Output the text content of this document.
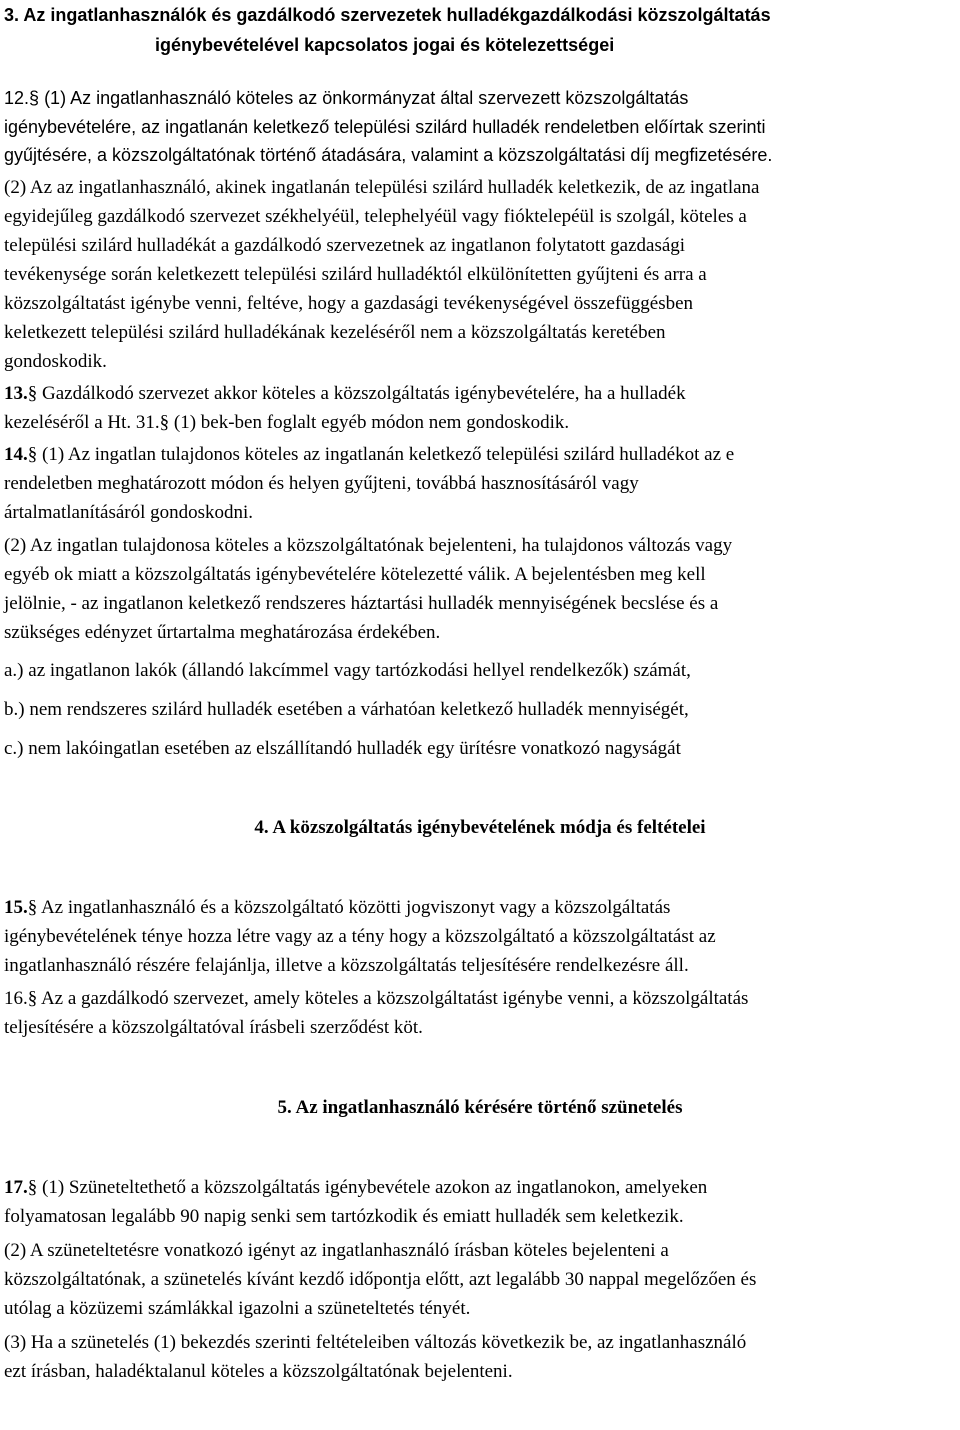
3. Az ingatlanhasználók és gazdálkodó szervezetek hulladékgazdálkodási közszolgáltatás
igénybevételével kapcsolatos jogai és kötelezettségei
12.§ (1) Az ingatlanhasználó köteles az önkormányzat által szervezett közszolgáltatás
igénybevételére, az ingatlanán keletkező települési szilárd hulladék rendeletben előírtak szerinti
gyűjtésére, a közszolgáltatónak történő átadására, valamint a közszolgáltatási díj megfizetésére.
(2) Az az ingatlanhasználó, akinek ingatlanán települési szilárd hulladék keletkezik, de az ingatlana
egyidejűleg gazdálkodó szervezet székhelyéül, telephelyéül vagy fióktelepéül is szolgál, köteles a
települési szilárd hulladékát a gazdálkodó szervezetnek az ingatlanon folytatott gazdasági
tevékenysége során keletkezett települési szilárd hulladéktól elkülönítetten gyűjteni és arra a
közszolgáltatást igénybe venni, feltéve, hogy a gazdasági tevékenységével összefüggésben
keletkezett települési szilárd hulladékának kezeléséről nem a közszolgáltatás keretében
gondoskodik.
13.§ Gazdálkodó szervezet akkor köteles a közszolgáltatás igénybevételére, ha a hulladék
kezeléséről a Ht. 31.§ (1) bek-ben foglalt egyéb módon nem gondoskodik.
14.§ (1) Az ingatlan tulajdonos köteles az ingatlanán keletkező települési szilárd hulladékot az e
rendeletben meghatározott módon és helyen gyűjteni, továbbá hasznosításáról vagy
ártalmatlanításáról gondoskodni.
(2) Az ingatlan tulajdonosa köteles a közszolgáltatónak bejelenteni, ha tulajdonos változás vagy
egyéb ok miatt a közszolgáltatás igénybevételére kötelezetté válik. A bejelentésben meg kell
jelölnie, - az ingatlanon keletkező rendszeres háztartási hulladék mennyiségének becslése és a
szükséges edényzet űrtartalma meghatározása érdekében.
a.) az ingatlanon lakók (állandó lakcímmel vagy tartózkodási hellyel rendelkezők) számát,
b.) nem rendszeres szilárd hulladék esetében a várhatóan keletkező hulladék mennyiségét,
c.) nem lakóingatlan esetében az elszállítandó hulladék egy ürítésre vonatkozó nagyságát
4. A közszolgáltatás igénybevételének módja és feltételei
15.§ Az ingatlanhasználó és a közszolgáltató közötti jogviszonyt vagy a közszolgáltatás
igénybevételének ténye hozza létre vagy az a tény hogy a közszolgáltató a közszolgáltatást az
ingatlanhasználó részére felajánlja, illetve a közszolgáltatás teljesítésére rendelkezésre áll.
16.§ Az a gazdálkodó szervezet, amely köteles a közszolgáltatást igénybe venni, a közszolgáltatás
teljesítésére a közszolgáltatóval írásbeli szerződést köt.
5. Az ingatlanhasználó kérésére történő szünetelés
17.§ (1) Szüneteltethető a közszolgáltatás igénybevétele azokon az ingatlanokon, amelyeken
folyamatosan legalább 90 napig senki sem tartózkodik és emiatt hulladék sem keletkezik.
(2) A szüneteltetésre vonatkozó igényt az ingatlanhasználó írásban köteles bejelenteni a
közszolgáltatónak, a szünetelés kívánt kezdő időpontja előtt, azt legalább 30 nappal megelőzően és
utólag a közüzemi számlákkal igazolni a szüneteltetés tényét.
(3) Ha a szünetelés (1) bekezdés szerinti feltételeiben változás következik be, az ingatlanhasználó
ezt írásban, haladéktalanul köteles a közszolgáltatónak bejelenteni.
